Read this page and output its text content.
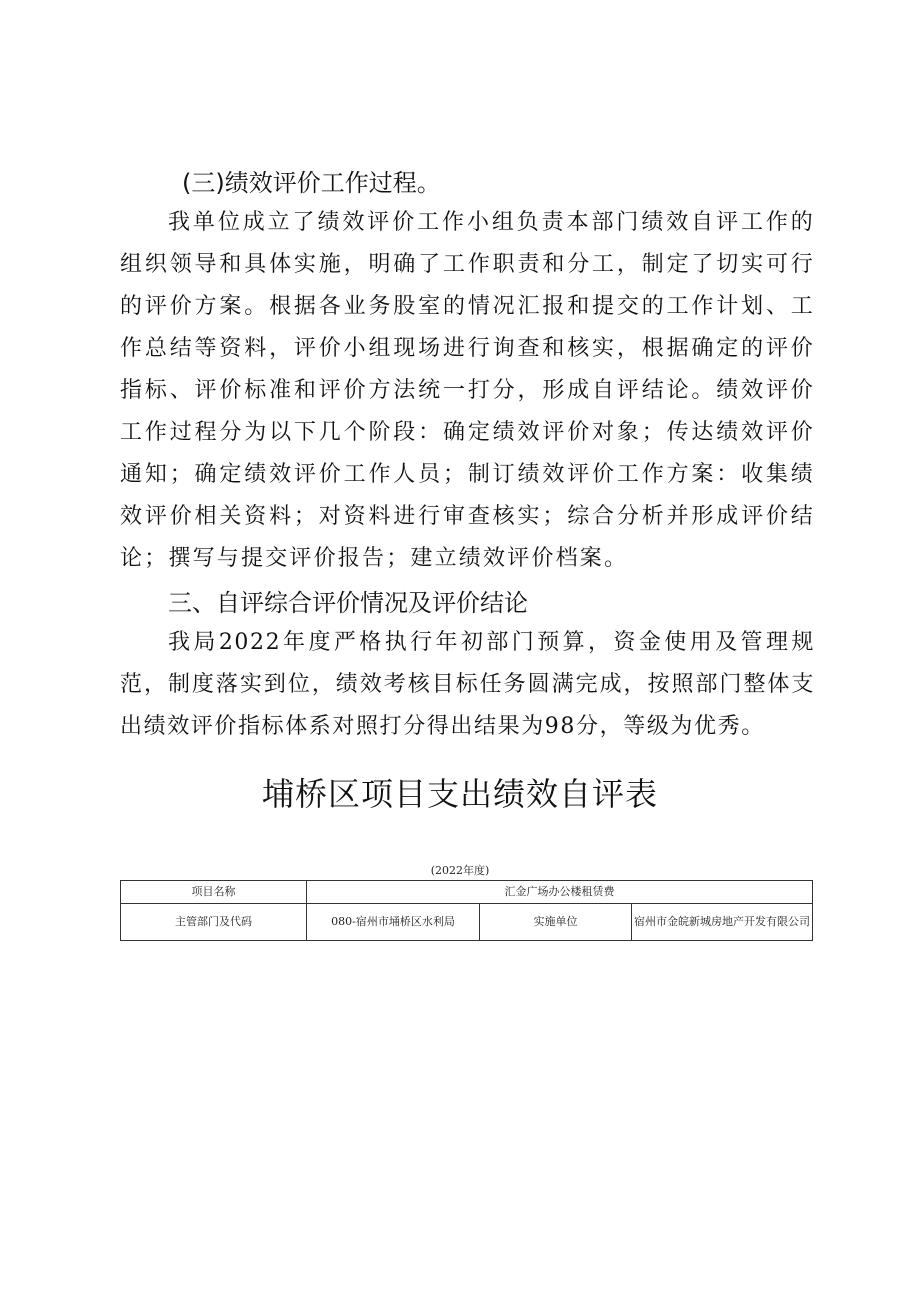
(三)绩效评价工作过程。

我单位成立了绩效评价工作小组负责本部门绩效自评工作的组织领导和具体实施，明确了工作职责和分工，制定了切实可行的评价方案。根据各业务股室的情况汇报和提交的工作计划、工作总结等资料，评价小组现场进行询查和核实，根据确定的评价指标、评价标准和评价方法统一打分，形成自评结论。绩效评价工作过程分为以下几个阶段：确定绩效评价对象；传达绩效评价通知；确定绩效评价工作人员；制订绩效评价工作方案：收集绩效评价相关资料；对资料进行审查核实；综合分析并形成评价结论；撰写与提交评价报告；建立绩效评价档案。

三、自评综合评价情况及评价结论

我局2022年度严格执行年初部门预算，资金使用及管理规范，制度落实到位，绩效考核目标任务圆满完成，按照部门整体支出绩效评价指标体系对照打分得出结果为98分，等级为优秀。

埔桥区项目支出绩效自评表
(2022年度)
项目名称	汇金广场办公楼租赁费		
主管部门及代码	080-宿州市埇桥区水利局	实施单位	宿州市金皖新城房地产开发有限公司
